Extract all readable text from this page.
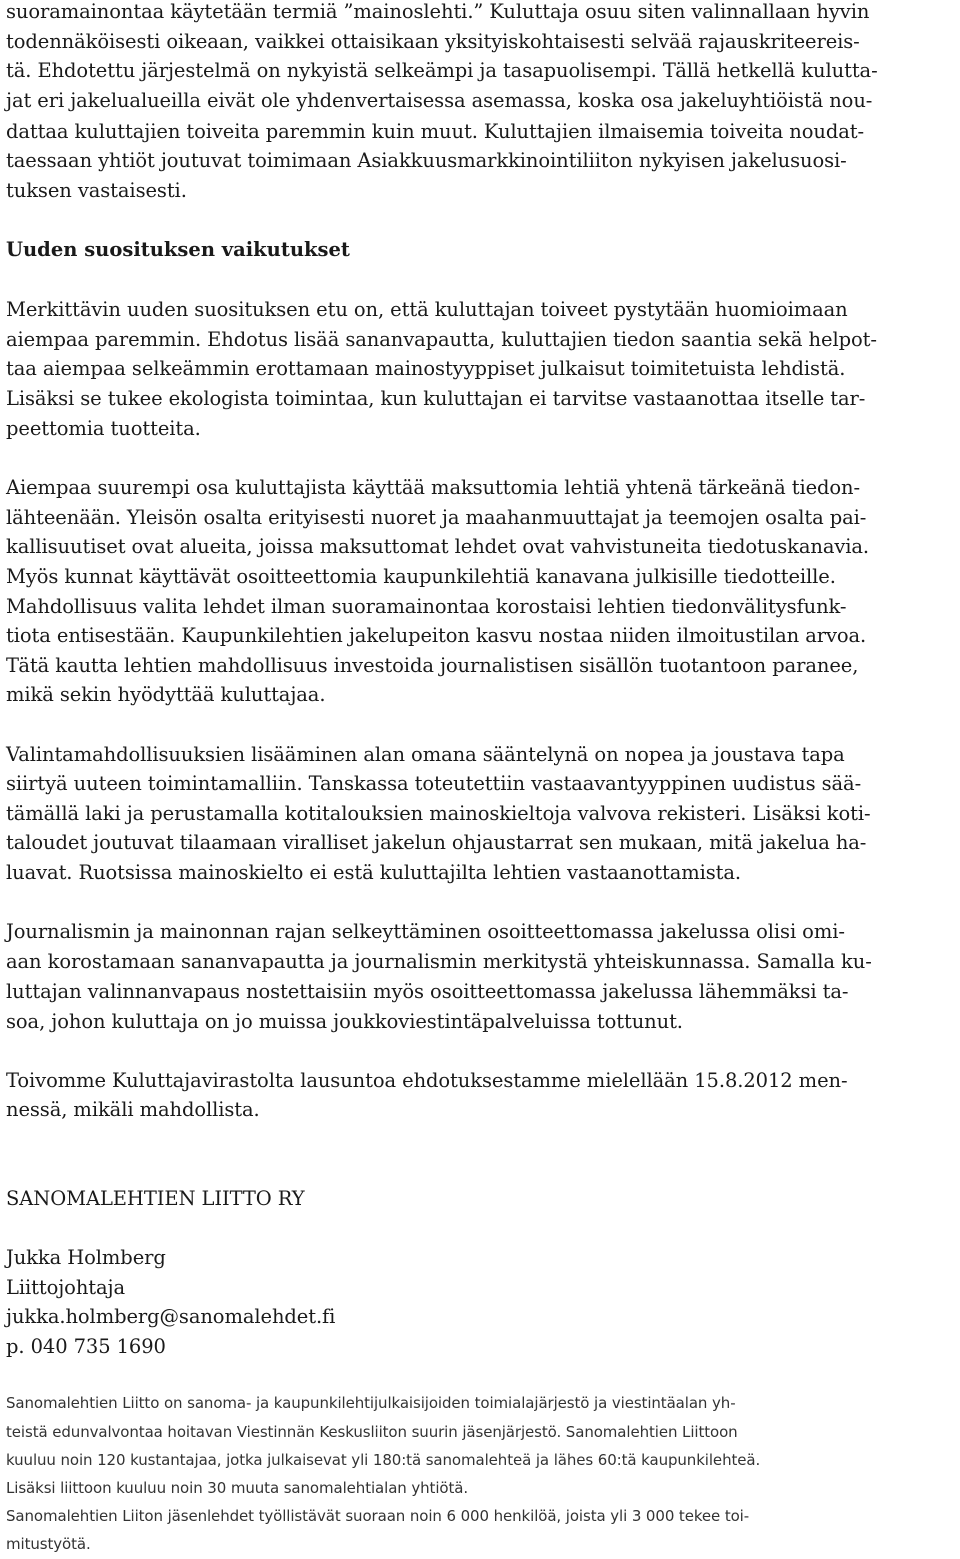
suoramainontaa käytetään termiä ”mainoslehti.” Kuluttaja osuu siten valinnallaan hyvin
todennäköisesti oikeaan, vaikkei ottaisikaan yksityiskohtaisesti selvää rajauskriteereis-
tä. Ehdotettu järjestelmä on nykyistä selkeämpi ja tasapuolisempi. Tällä hetkellä kulutta-
jat eri jakelualueilla eivät ole yhdenvertaisessa asemassa, koska osa jakeluyhtiöistä nou-
dattaa kuluttajien toiveita paremmin kuin muut. Kuluttajien ilmaisemia toiveita noudat-
taessaan yhtiöt joutuvat toimimaan Asiakkuusmarkkinointiliiton nykyisen jakelusuosi-
tuksen vastaisesti.
Uuden suosituksen vaikutukset
Merkittävin uuden suosituksen etu on, että kuluttajan toiveet pystytään huomioimaan
aiempaa paremmin. Ehdotus lisää sananvapautta, kuluttajien tiedon saantia sekä helpot-
taa aiempaa selkeämmin erottamaan mainostyyppiset julkaisut toimitetuista lehdistä.
Lisäksi se tukee ekologista toimintaa, kun kuluttajan ei tarvitse vastaanottaa itselle tar-
peettomia tuotteita.
Aiempaa suurempi osa kuluttajista käyttää maksuttomia lehtiä yhtenä tärkeänä tiedon-
lähteenään. Yleisön osalta erityisesti nuoret ja maahanmuuttajat ja teemojen osalta pai-
kallisuutiset ovat alueita, joissa maksuttomat lehdet ovat vahvistuneita tiedotuskanavia.
Myös kunnat käyttävät osoitteettomia kaupunkilehtiä kanavana julkisille tiedotteille.
Mahdollisuus valita lehdet ilman suoramainontaa korostaisi lehtien tiedonvälitysfunk-
tiota entisestään. Kaupunkilehtien jakelupeiton kasvu nostaa niiden ilmoitustilan arvoa.
Tätä kautta lehtien mahdollisuus investoida journalistisen sisällön tuotantoon paranee,
mikä sekin hyödyttää kuluttajaa.
Valintamahdollisuuksien lisääminen alan omana sääntelynä on nopea ja joustava tapa
siirtyä uuteen toimintamalliin. Tanskassa toteutettiin vastaavantyyppinen uudistus sää-
tämällä laki ja perustamalla kotitalouksien mainoskieltoja valvova rekisteri. Lisäksi koti-
taloudet joutuvat tilaamaan viralliset jakelun ohjaustarrat sen mukaan, mitä jakelua ha-
luavat. Ruotsissa mainoskielto ei estä kuluttajilta lehtien vastaanottamista.
Journalismin ja mainonnan rajan selkeyttäminen osoitteettomassa jakelussa olisi omi-
aan korostamaan sananvapautta ja journalismin merkitystä yhteiskunnassa. Samalla ku-
luttajan valinnanvapaus nostettaisiin myös osoitteettomassa jakelussa lähemmäksi ta-
soa, johon kuluttaja on jo muissa joukkoviestintäpalveluissa tottunut.
Toivomme Kuluttajavirastolta lausuntoa ehdotuksestamme mielellään 15.8.2012 men-
nessä, mikäli mahdollista.
SANOMALEHTIEN LIITTO RY
Jukka Holmberg
Liittojohtaja
jukka.holmberg@sanomalehdet.fi
p. 040 735 1690
Sanomalehtien Liitto on sanoma- ja kaupunkilehtijulkaisijoiden toimialajärjestö ja viestintäalan yh-
teistä edunvalvontaa hoitavan Viestinnän Keskusliiton suurin jäsenjärjestö. Sanomalehtien Liittoon
kuuluu noin 120 kustantajaa, jotka julkaisevat yli 180:tä sanomalehteä ja lähes 60:tä kaupunkilehteä.
Lisäksi liittoon kuuluu noin 30 muuta sanomalehtialan yhtiötä.
Sanomalehtien Liiton jäsenlehdet työllistävät suoraan noin 6 000 henkilöä, joista yli 3 000 tekee toi-
mitustyötä.
